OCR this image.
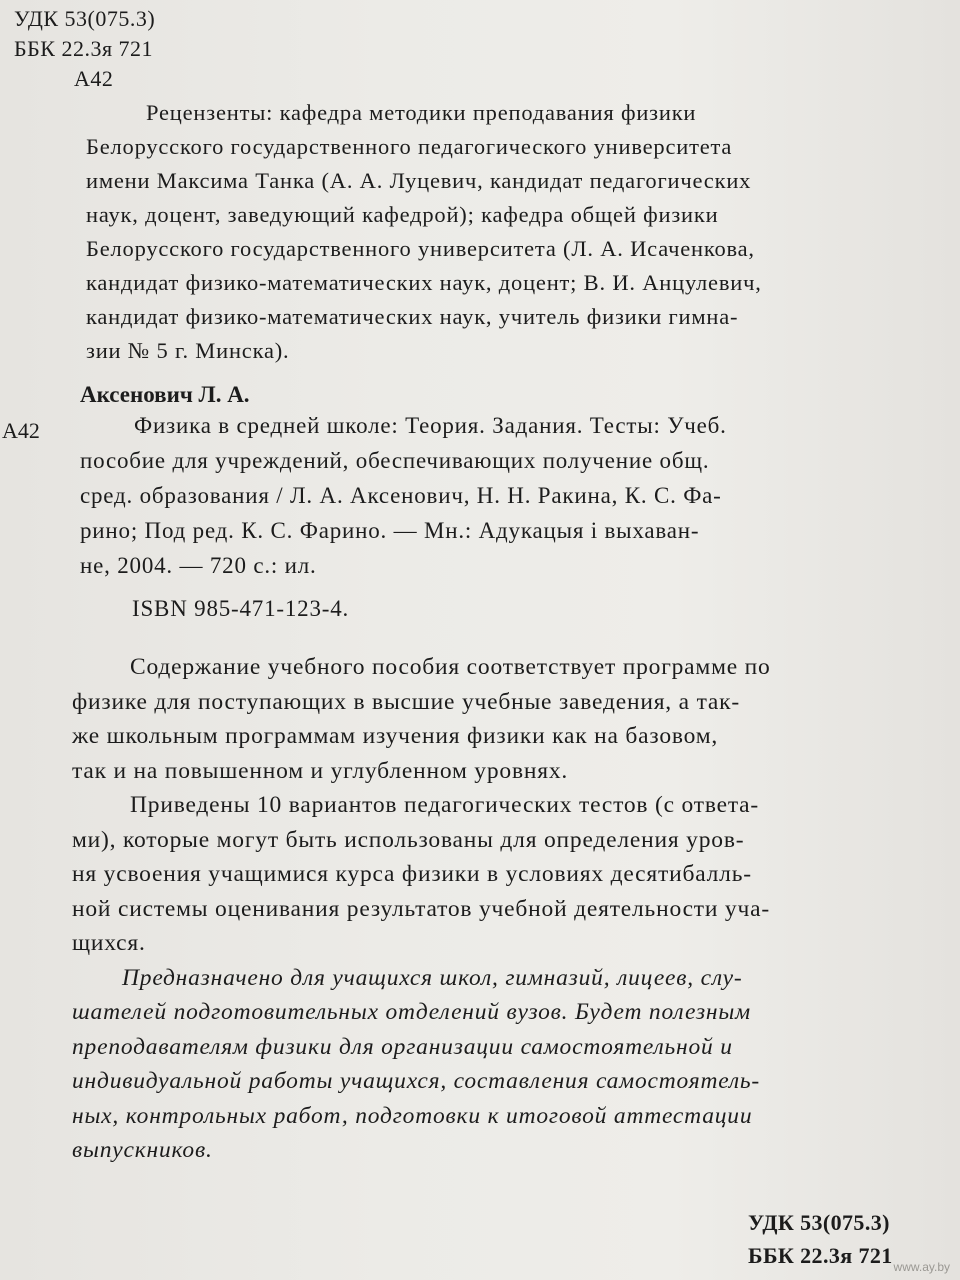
УДК 53(075.3)
ББК 22.3я 721
А42
Рецензенты: кафедра методики преподавания физики
Белорусского государственного педагогического университета
имени Максима Танка (А. А. Луцевич, кандидат педагогических
наук, доцент, заведующий кафедрой); кафедра общей физики
Белорусского государственного университета (Л. А. Исаченкова,
кандидат физико-математических наук, доцент; В. И. Анцулевич,
кандидат физико-математических наук, учитель физики гимна-
зии № 5 г. Минска).
Аксенович Л. А.
А42	Физика в средней школе: Теория. Задания. Тесты: Учеб.
пособие для учреждений, обеспечивающих получение общ.
сред. образования / Л. А. Аксенович, Н. Н. Ракина, К. С. Фа-
рино; Под ред. К. С. Фарино. — Мн.: Адукацыя і выхаван-
не, 2004. — 720 с.: ил.
ISBN 985-471-123-4.
Содержание учебного пособия соответствует программе по
физике для поступающих в высшие учебные заведения, а так-
же школьным программам изучения физики как на базовом,
так и на повышенном и углубленном уровнях.
Приведены 10 вариантов педагогических тестов (с ответа-
ми), которые могут быть использованы для определения уров-
ня усвоения учащимися курса физики в условиях десятибалль-
ной системы оценивания результатов учебной деятельности уча-
щихся.
Предназначено для учащихся школ, гимназий, лицеев, слу-
шателей подготовительных отделений вузов. Будет полезным
преподавателям физики для организации самостоятельной и
индивидуальной работы учащихся, составления самостоятель-
ных, контрольных работ, подготовки к итоговой аттестации
выпускников.
УДК 53(075.3)
ББК 22.3я 721 www.ay.by
